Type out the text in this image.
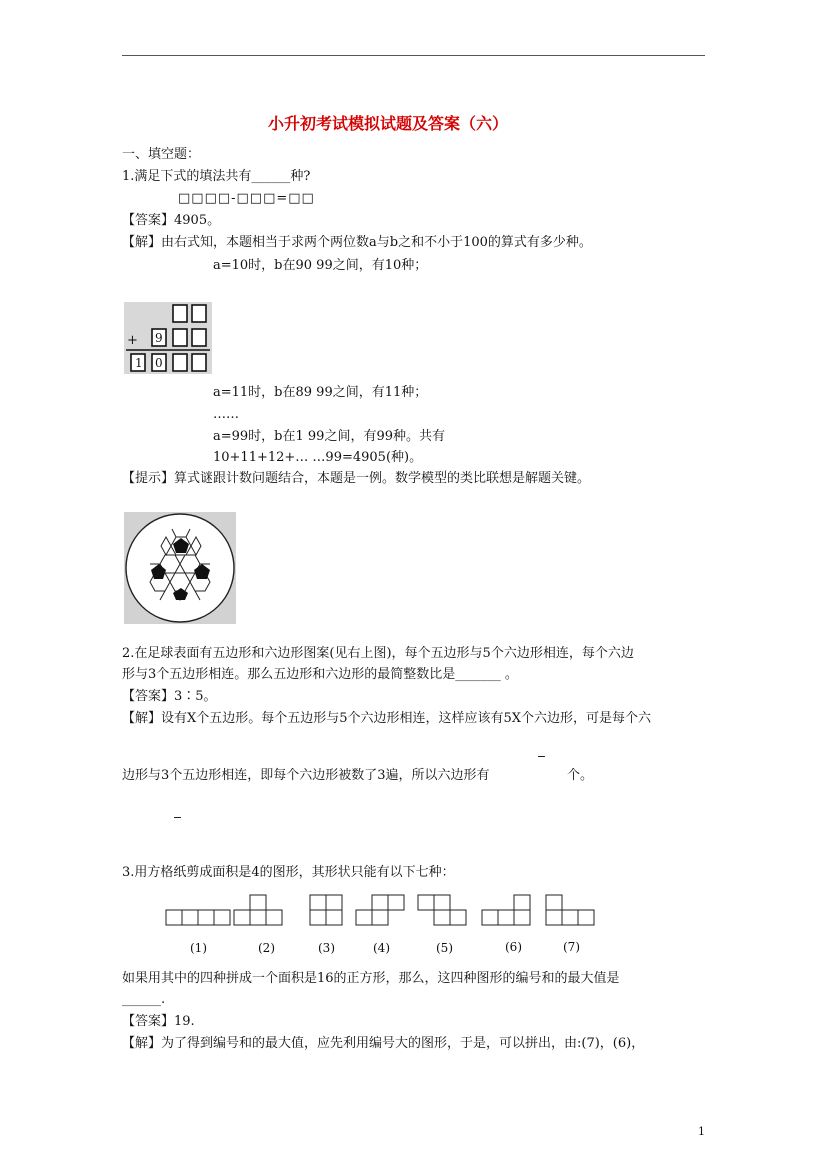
小升初考试模拟试题及答案（六）
一、填空题：
1.满足下式的填法共有______种?
□□□□-□□□=□□
【答案】4905。
【解】由右式知，本题相当于求两个两位数a与b之和不小于100的算式有多少种。
a=10时，b在90 99之间，有10种；
+ 9
1 0
a=11时，b在89 99之间，有11种；
……
a=99时，b在1 99之间，有99种。共有
10+11+12+… …99=4905(种)。
【提示】算式谜跟计数问题结合，本题是一例。数学模型的类比联想是解题关键。
2.在足球表面有五边形和六边形图案(见右上图)，每个五边形与5个六边形相连，每个六边
形与3个五边形相连。那么五边形和六边形的最简整数比是_______ 。
【答案】3∶5。
【解】设有X个五边形。每个五边形与5个六边形相连，这样应该有5X个六边形，可是每个六
边形与3个五边形相连，即每个六边形被数了3遍，所以六边形有	个。
3.用方格纸剪成面积是4的图形，其形状只能有以下七种：
(1)	(2)	(3)	(4)	(5)	(6)	(7)
如果用其中的四种拼成一个面积是16的正方形，那么，这四种图形的编号和的最大值是
______.
【答案】19.
【解】为了得到编号和的最大值，应先利用编号大的图形，于是，可以拼出，由:(7)，(6)，
1
